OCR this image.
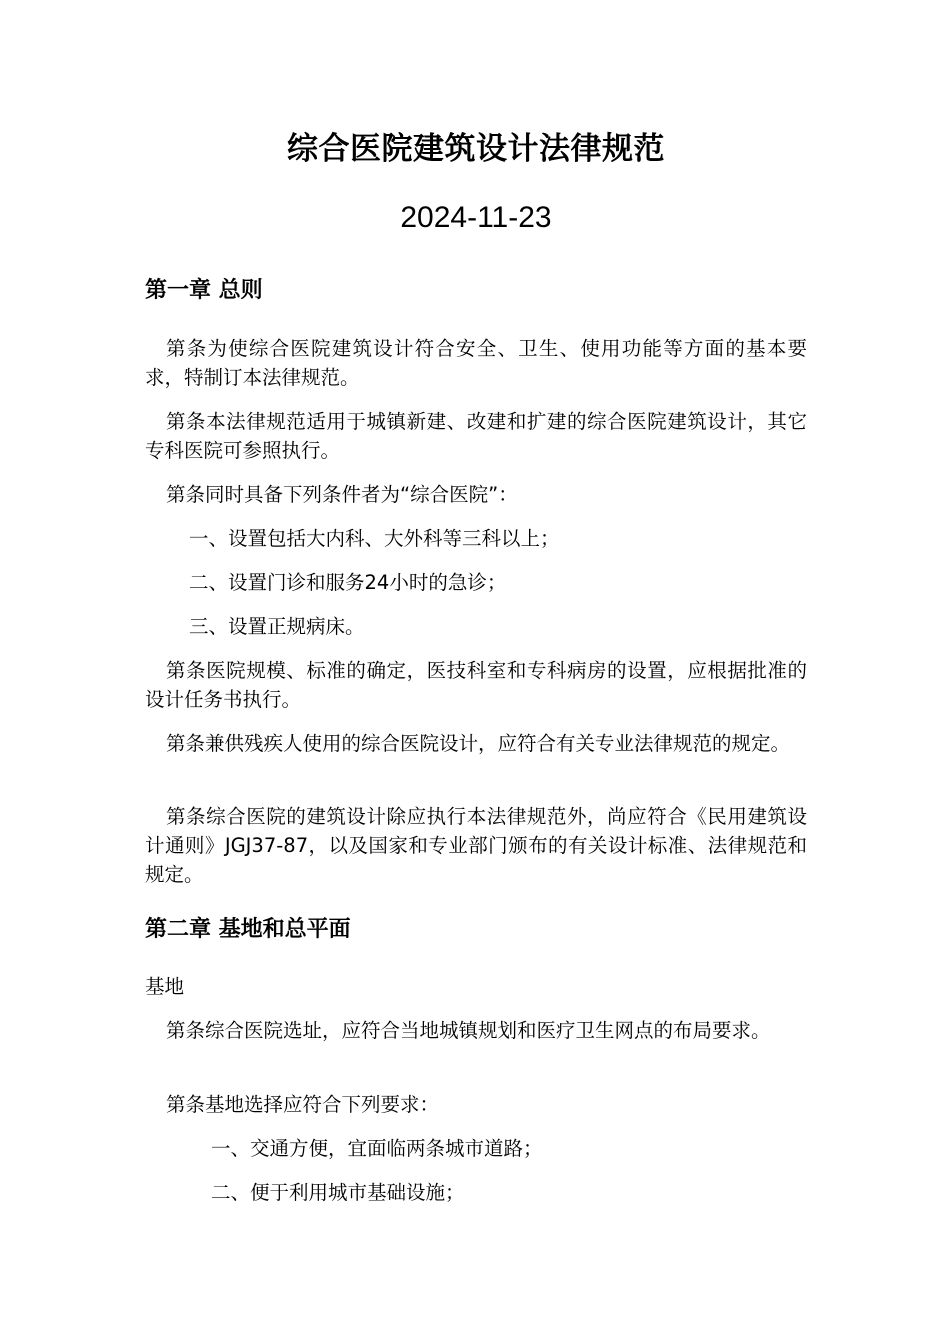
综合医院建筑设计法律规范
2024-11-23
第一章 总则

第条为使综合医院建筑设计符合安全、卫生、使用功能等方面的基本要求，特制订本法律规范。

第条本法律规范适用于城镇新建、改建和扩建的综合医院建筑设计，其它专科医院可参照执行。

第条同时具备下列条件者为“综合医院”：

一、设置包括大内科、大外科等三科以上；

二、设置门诊和服务24小时的急诊；

三、设置正规病床。

第条医院规模、标准的确定，医技科室和专科病房的设置，应根据批准的设计任务书执行。

第条兼供残疾人使用的综合医院设计，应符合有关专业法律规范的规定。

第条综合医院的建筑设计除应执行本法律规范外，尚应符合《民用建筑设计通则》JGJ37-87，以及国家和专业部门颁布的有关设计标准、法律规范和规定。

第二章 基地和总平面

基地

第条综合医院选址，应符合当地城镇规划和医疗卫生网点的布局要求。

第条基地选择应符合下列要求：

一、交通方便，宜面临两条城市道路；

二、便于利用城市基础设施；
